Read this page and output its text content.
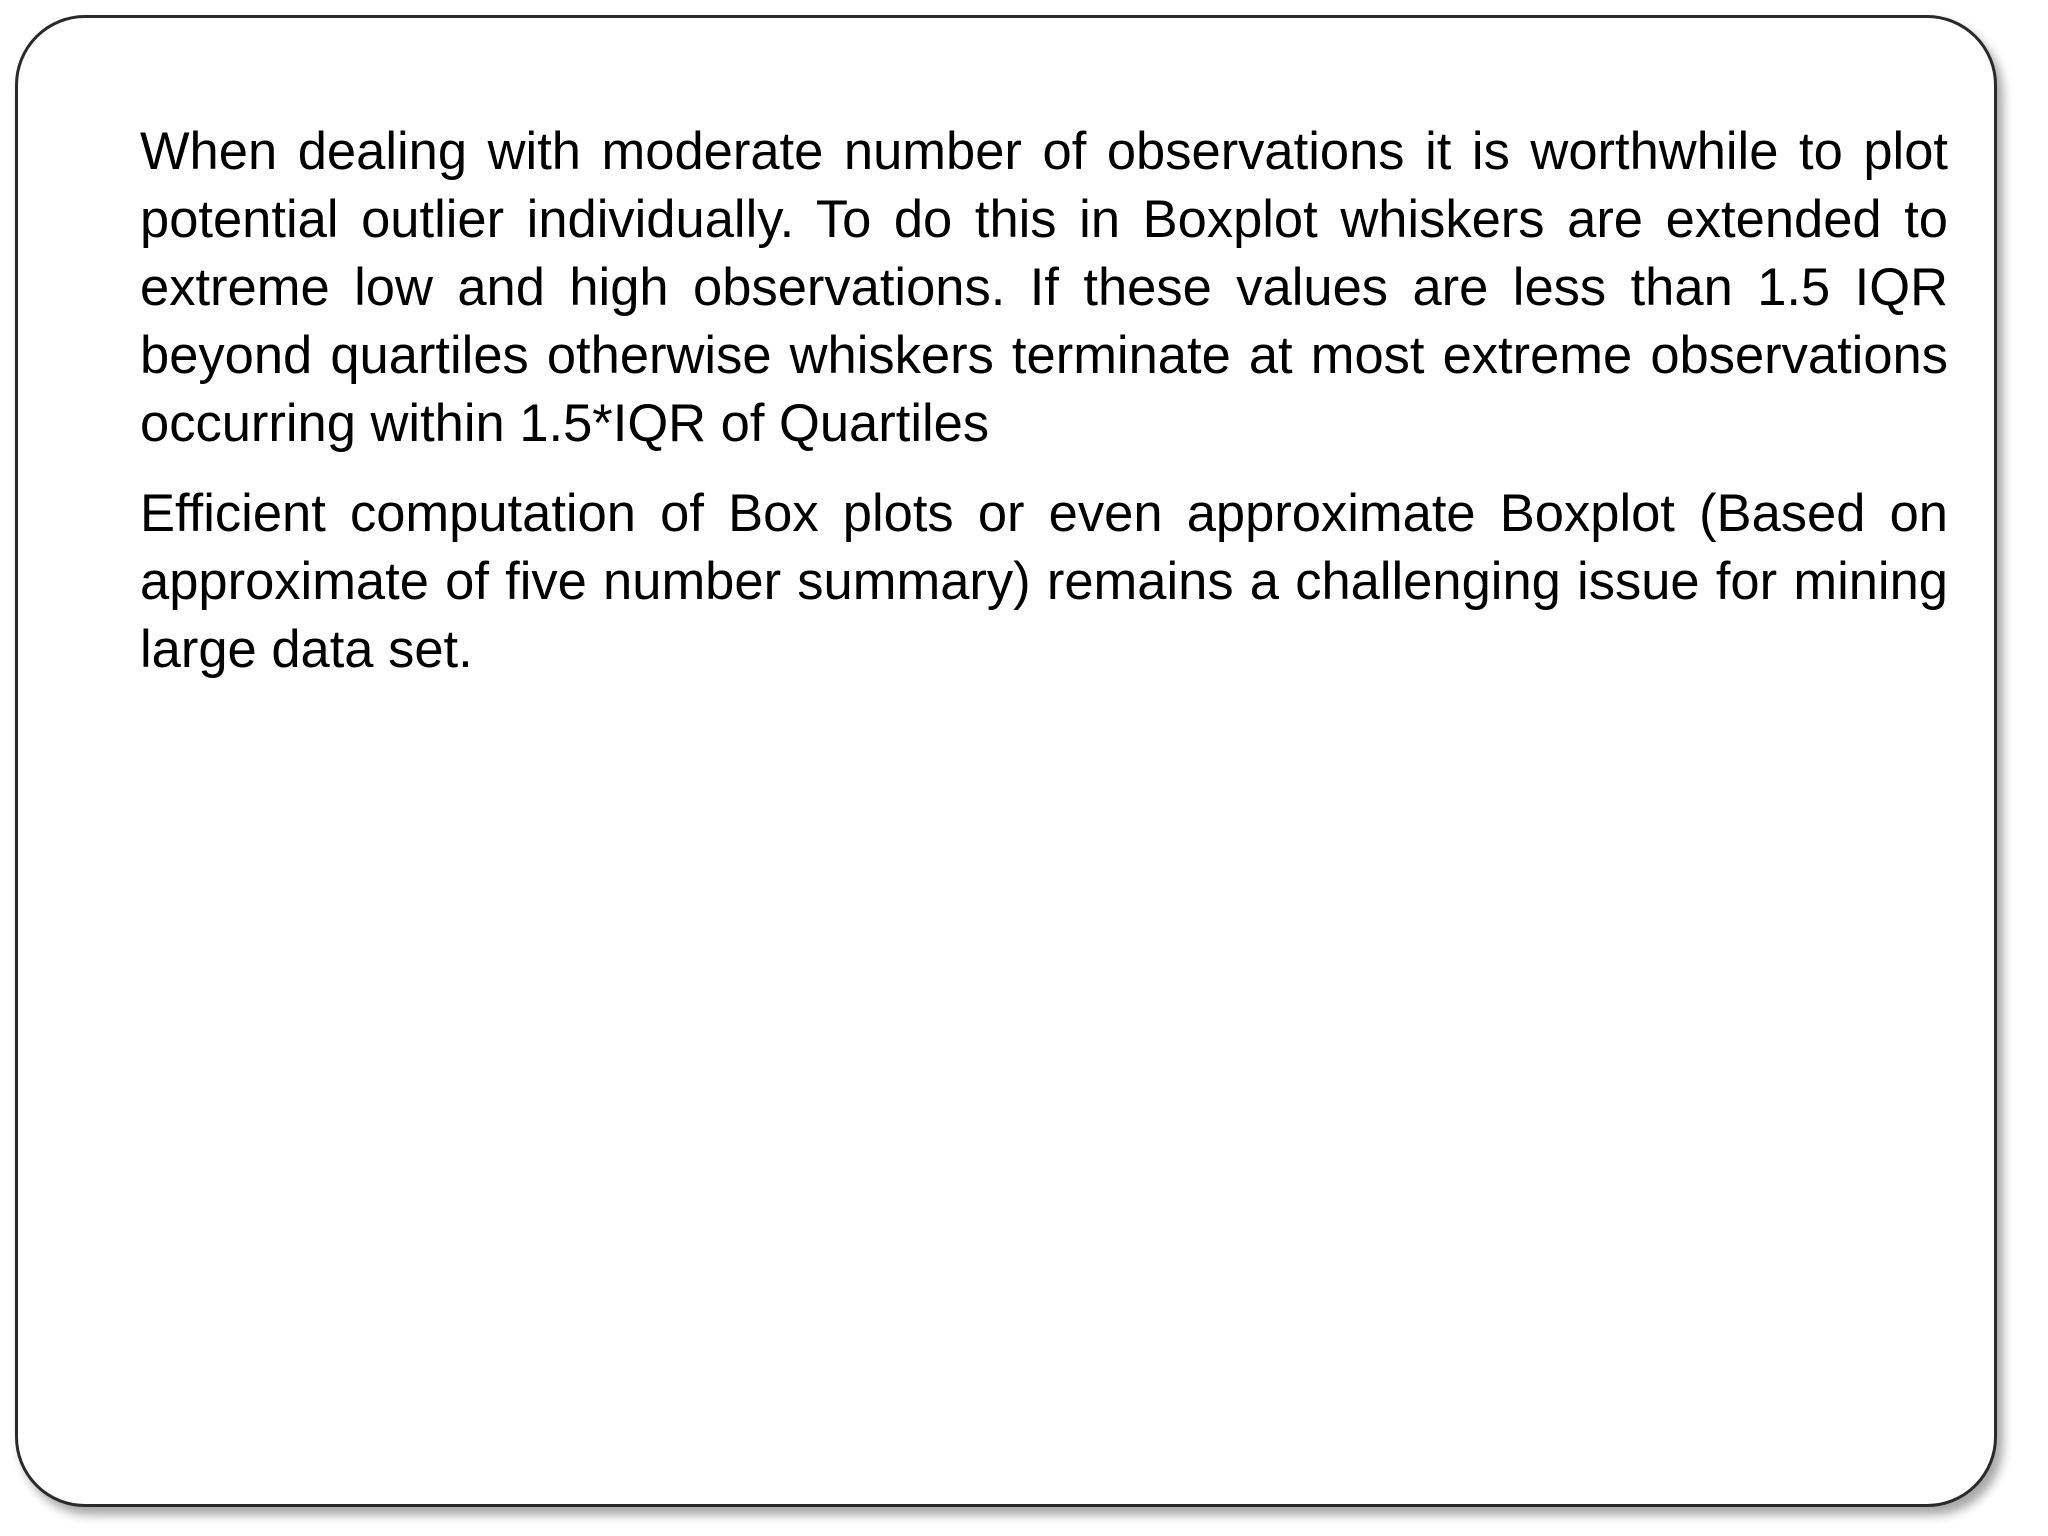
When dealing with moderate number of observations it is worthwhile to plot potential outlier individually. To do this in Boxplot whiskers are extended to extreme low and high observations. If these values are less than 1.5 IQR beyond quartiles otherwise whiskers terminate at most extreme observations occurring within 1.5*IQR of Quartiles

Efficient computation of Box plots or even approximate Boxplot (Based on approximate of five number summary) remains a challenging issue for mining large data set.
